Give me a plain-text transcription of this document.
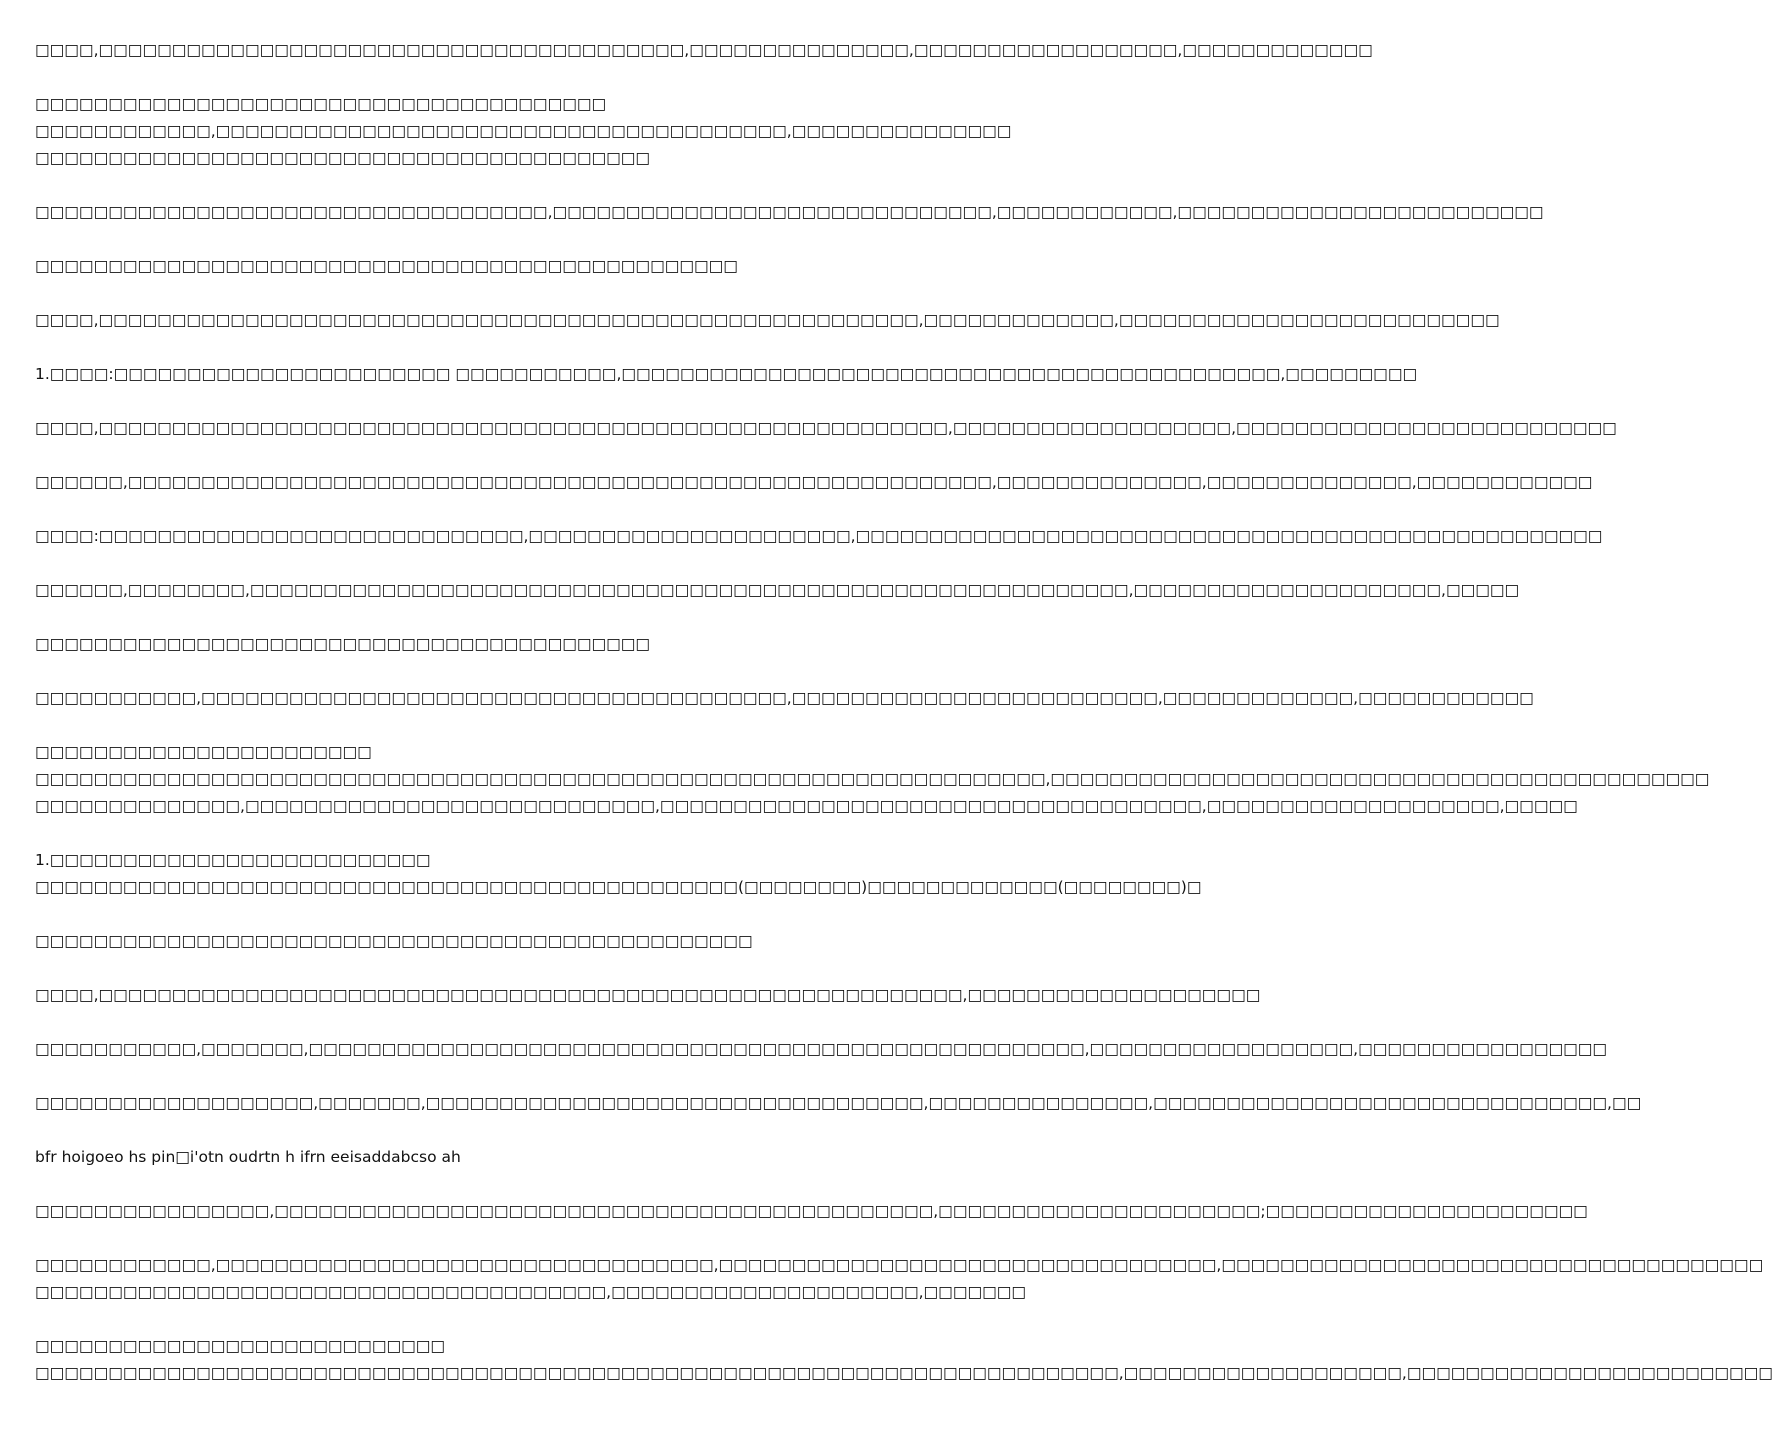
□□□□,□□□□□□□□□□□□□□□□□□□□□□□□□□□□□□□□□□□□□□□□,□□□□□□□□□□□□□□□,□□□□□□□□□□□□□□□□□□,□□□□□□□□□□□□□
□□□□□□□□□□□□□□□□□□□□□□□□□□□□□□□□□□□□□□□
□□□□□□□□□□□□,□□□□□□□□□□□□□□□□□□□□□□□□□□□□□□□□□□□□□□□,□□□□□□□□□□□□□□□
□□□□□□□□□□□□□□□□□□□□□□□□□□□□□□□□□□□□□□□□□□
□□□□□□□□□□□□□□□□□□□□□□□□□□□□□□□□□□□,□□□□□□□□□□□□□□□□□□□□□□□□□□□□□□,□□□□□□□□□□□□,□□□□□□□□□□□□□□□□□□□□□□□□□
□□□□□□□□□□□□□□□□□□□□□□□□□□□□□□□□□□□□□□□□□□□□□□□□
□□□□,□□□□□□□□□□□□□□□□□□□□□□□□□□□□□□□□□□□□□□□□□□□□□□□□□□□□□□□□,□□□□□□□□□□□□□,□□□□□□□□□□□□□□□□□□□□□□□□□□
1.□□□□:□□□□□□□□□□□□□□□□□□□□□□□ □□□□□□□□□□□,□□□□□□□□□□□□□□□□□□□□□□□□□□□□□□□□□□□□□□□□□□□□□,□□□□□□□□□
□□□□,□□□□□□□□□□□□□□□□□□□□□□□□□□□□□□□□□□□□□□□□□□□□□□□□□□□□□□□□□□,□□□□□□□□□□□□□□□□□□□,□□□□□□□□□□□□□□□□□□□□□□□□□□
□□□□□□,□□□□□□□□□□□□□□□□□□□□□□□□□□□□□□□□□□□□□□□□□□□□□□□□□□□□□□□□□□□,□□□□□□□□□□□□□□,□□□□□□□□□□□□□□,□□□□□□□□□□□□
□□□□:□□□□□□□□□□□□□□□□□□□□□□□□□□□□□,□□□□□□□□□□□□□□□□□□□□□□,□□□□□□□□□□□□□□□□□□□□□□□□□□□□□□□□□□□□□□□□□□□□□□□□□□□
□□□□□□,□□□□□□□□,□□□□□□□□□□□□□□□□□□□□□□□□□□□□□□□□□□□□□□□□□□□□□□□□□□□□□□□□□□□□,□□□□□□□□□□□□□□□□□□□□□,□□□□□
□□□□□□□□□□□□□□□□□□□□□□□□□□□□□□□□□□□□□□□□□□
□□□□□□□□□□□,□□□□□□□□□□□□□□□□□□□□□□□□□□□□□□□□□□□□□□□□,□□□□□□□□□□□□□□□□□□□□□□□□□,□□□□□□□□□□□□□,□□□□□□□□□□□□
□□□□□□□□□□□□□□□□□□□□□□□
□□□□□□□□□□□□□□□□□□□□□□□□□□□□□□□□□□□□□□□□□□□□□□□□□□□□□□□□□□□□□□□□□□□□□,□□□□□□□□□□□□□□□□□□□□□□□□□□□□□□□□□□□□□□□□□□□□□
□□□□□□□□□□□□□□,□□□□□□□□□□□□□□□□□□□□□□□□□□□□,□□□□□□□□□□□□□□□□□□□□□□□□□□□□□□□□□□□□□,□□□□□□□□□□□□□□□□□□□□,□□□□□
1.□□□□□□□□□□□□□□□□□□□□□□□□□□
□□□□□□□□□□□□□□□□□□□□□□□□□□□□□□□□□□□□□□□□□□□□□□□□(□□□□□□□□)□□□□□□□□□□□□□(□□□□□□□□)□
□□□□□□□□□□□□□□□□□□□□□□□□□□□□□□□□□□□□□□□□□□□□□□□□□
□□□□,□□□□□□□□□□□□□□□□□□□□□□□□□□□□□□□□□□□□□□□□□□□□□□□□□□□□□□□□□□□,□□□□□□□□□□□□□□□□□□□□
□□□□□□□□□□□,□□□□□□□,□□□□□□□□□□□□□□□□□□□□□□□□□□□□□□□□□□□□□□□□□□□□□□□□□□□□□,□□□□□□□□□□□□□□□□□□,□□□□□□□□□□□□□□□□□
□□□□□□□□□□□□□□□□□□□,□□□□□□□,□□□□□□□□□□□□□□□□□□□□□□□□□□□□□□□□□□,□□□□□□□□□□□□□□□,□□□□□□□□□□□□□□□□□□□□□□□□□□□□□□□,□□
bfr hoigoeo hs pin□i'otn oudrtn h ifrn eeisaddabcso ah
□□□□□□□□□□□□□□□□,□□□□□□□□□□□□□□□□□□□□□□□□□□□□□□□□□□□□□□□□□□□□□,□□□□□□□□□□□□□□□□□□□□□□;□□□□□□□□□□□□□□□□□□□□□□
□□□□□□□□□□□□,□□□□□□□□□□□□□□□□□□□□□□□□□□□□□□□□□□,□□□□□□□□□□□□□□□□□□□□□□□□□□□□□□□□□□,□□□□□□□□□□□□□□□□□□□□□□□□□□□□□□□□□□□□□
□□□□□□□□□□□□□□□□□□□□□□□□□□□□□□□□□□□□□□□,□□□□□□□□□□□□□□□□□□□□□,□□□□□□□
□□□□□□□□□□□□□□□□□□□□□□□□□□□□
□□□□□□□□□□□□□□□□□□□□□□□□□□□□□□□□□□□□□□□□□□□□□□□□□□□□□□□□□□□□□□□□□□□□□□□□□□,□□□□□□□□□□□□□□□□□□□,□□□□□□□□□□□□□□□□□□□□□□□□□
